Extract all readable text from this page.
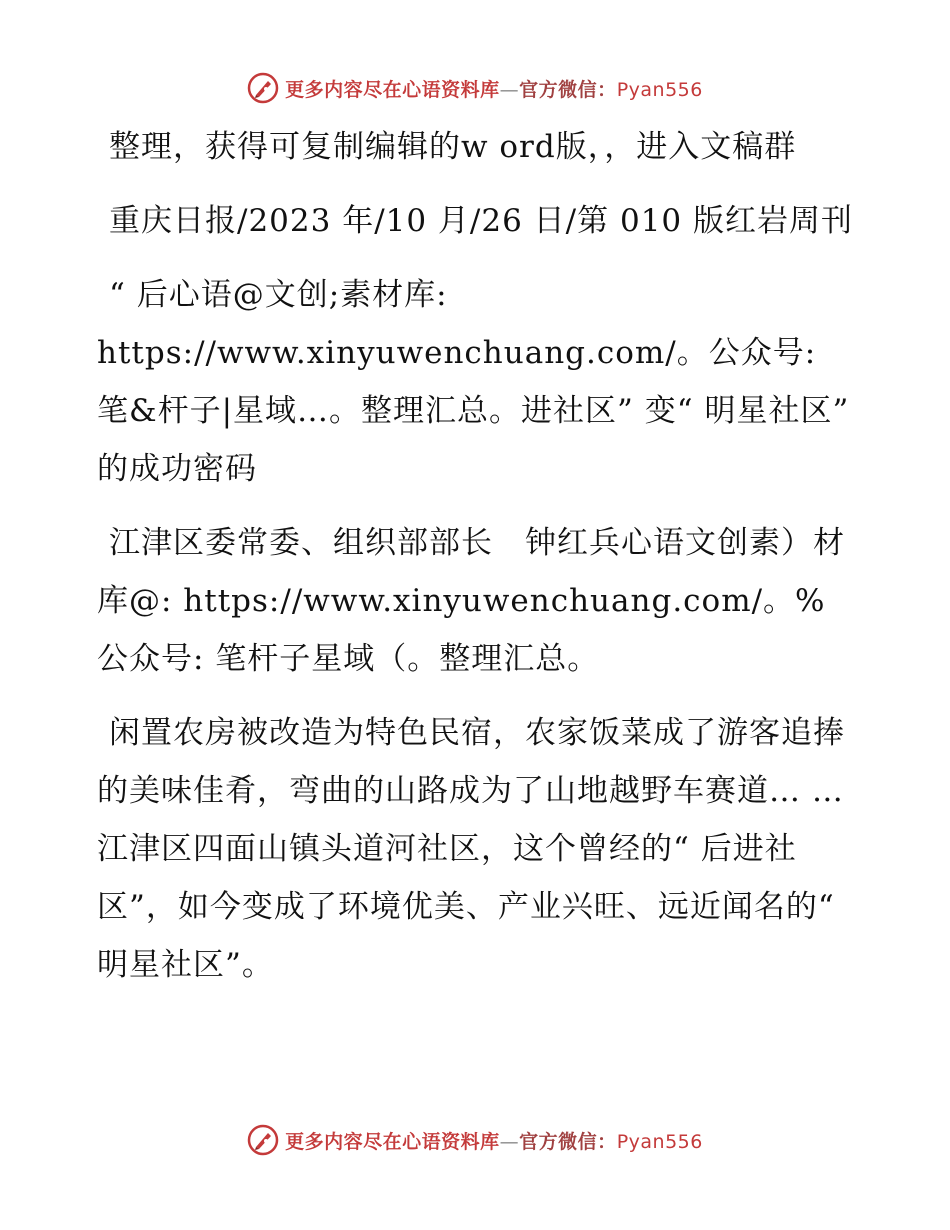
更多内容尽在心语资料库—官方微信：Pyan556

整理，获得可复制编辑的w ord版，，进入文稿群

重庆日报/2023 年/10 月/26 日/第 010 版红岩周刊

“ 后心语@文创;素材库: https://www.xinyuwenchuang.com/。公众号: 笔&杆子|星域…。整理汇总。进社区” 变“ 明星社区” 的成功密码

江津区委常委、组织部部长　钟红兵心语文创素）材库@: https://www.xinyuwenchuang.com/。%公众号: 笔杆子星域（。整理汇总。

闲置农房被改造为特色民宿，农家饭菜成了游客追捧的美味佳肴，弯曲的山路成为了山地越野车赛道… … 江津区四面山镇头道河社区，这个曾经的“ 后进社区”，如今变成了环境优美、产业兴旺、远近闻名的“ 明星社区”。

更多内容尽在心语资料库—官方微信：Pyan556
